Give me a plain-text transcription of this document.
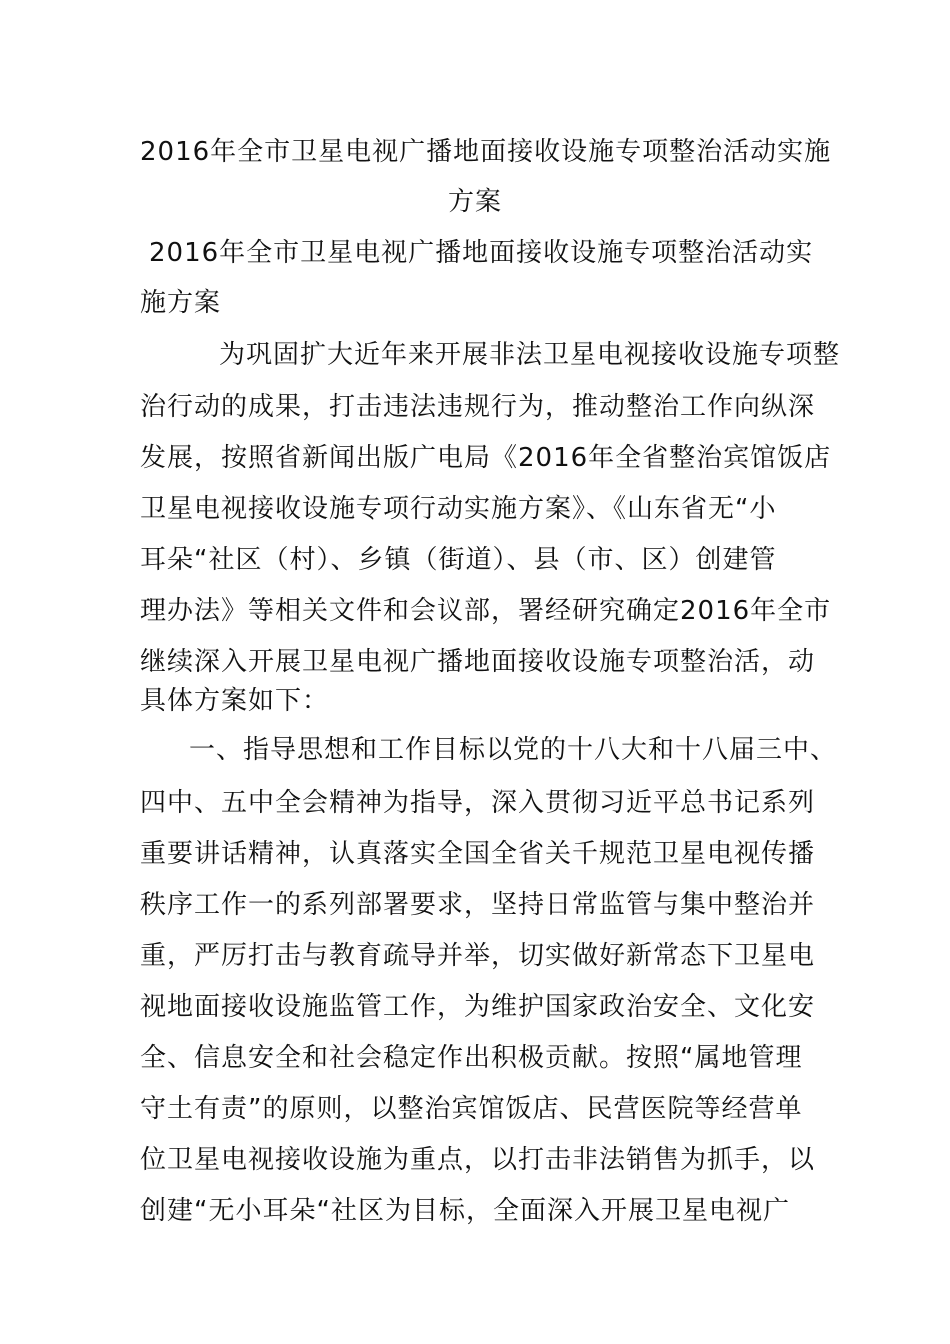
2016年全市卫星电视广播地面接收设施专项整治活动实施

方案

2016年全市卫星电视广播地面接收设施专项整治活动实

施方案

为巩固扩大近年来开展非法卫星电视接收设施专项整

治行动的成果，打击违法违规行为，推动整治工作向纵深

发展，按照省新闻出版广电局《2016年全省整治宾馆饭店

卫星电视接收设施专项行动实施方案》、《山东省无“小

耳朵“社区（村）、乡镇（街道）、县（市、区）创建管

理办法》等相关文件和会议部，署经研究确定2016年全市

继续深入开展卫星电视广播地面接收设施专项整治活，动

具体方案如下：

一、指导思想和工作目标以党的十八大和十八届三中、

四中、五中全会精神为指导，深入贯彻习近平总书记系列

重要讲话精神，认真落实全国全省关千规范卫星电视传播

秩序工作一的系列部署要求，坚持日常监管与集中整治并

重，严厉打击与教育疏导并举，切实做好新常态下卫星电

视地面接收设施监管工作，为维护国家政治安全、文化安

全、信息安全和社会稳定作出积极贡献。按照“属地管理

守土有责”的原则，以整治宾馆饭店、民营医院等经营单

位卫星电视接收设施为重点，以打击非法销售为抓手，以

创建“无小耳朵“社区为目标，全面深入开展卫星电视广
